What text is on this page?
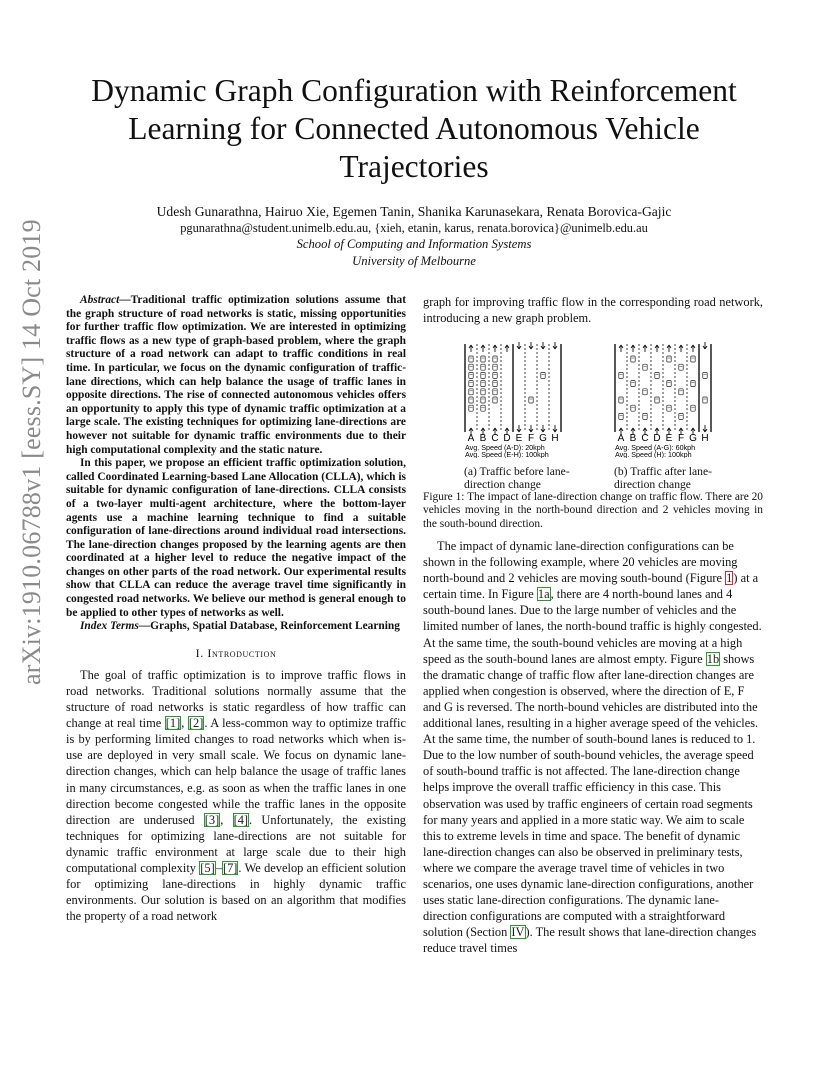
arXiv:1910.06788v1 [eess.SY] 14 Oct 2019
Dynamic Graph Configuration with Reinforcement
Learning for Connected Autonomous Vehicle
Trajectories
Udesh Gunarathna, Hairuo Xie, Egemen Tanin, Shanika Karunasekara, Renata Borovica-Gajic
pgunarathna@student.unimelb.edu.au, {xieh, etanin, karus, renata.borovica}@unimelb.edu.au
School of Computing and Information Systems
University of Melbourne

Abstract—Traditional traffic optimization solutions assume that the graph structure of road networks is static, missing opportunities for further traffic flow optimization. We are interested in optimizing traffic flows as a new type of graph-based problem, where the graph structure of a road network can adapt to traffic conditions in real time. In particular, we focus on the dynamic configuration of traffic-lane directions, which can help balance the usage of traffic lanes in opposite directions. The rise of connected autonomous vehicles offers an opportunity to apply this type of dynamic traffic optimization at a large scale. The existing techniques for optimizing lane-directions are however not suitable for dynamic traffic environments due to their high computational complexity and the static nature.

In this paper, we propose an efficient traffic optimization solution, called Coordinated Learning-based Lane Allocation (CLLA), which is suitable for dynamic configuration of lane-directions. CLLA consists of a two-layer multi-agent architecture, where the bottom-layer agents use a machine learning technique to find a suitable configuration of lane-directions around individual road intersections. The lane-direction changes proposed by the learning agents are then coordinated at a higher level to reduce the negative impact of the changes on other parts of the road network. Our experimental results show that CLLA can reduce the average travel time significantly in congested road networks. We believe our method is general enough to be applied to other types of networks as well.

Index Terms—Graphs, Spatial Database, Reinforcement Learning

I. Introduction

The goal of traffic optimization is to improve traffic flows in road networks. Traditional solutions normally assume that the structure of road networks is static regardless of how traffic can change at real time [1], [2]. A less-common way to optimize traffic is by performing limited changes to road networks which when is-use are deployed in very small scale. We focus on dynamic lane-direction changes, which can help balance the usage of traffic lanes in many circumstances, e.g. as soon as when the traffic lanes in one direction become congested while the traffic lanes in the opposite direction are underused [3], [4]. Unfortunately, the existing techniques for optimizing lane-directions are not suitable for dynamic traffic environment at large scale due to their high computational complexity [5]–[7]. We develop an efficient solution for optimizing lane-directions in highly dynamic traffic environments. Our solution is based on an algorithm that modifies the property of a road network

graph for improving traffic flow in the corresponding road network, introducing a new graph problem.

A B C D E F G H
Avg. Speed (A-D): 20kph
Avg. Speed (E-H): 100kph
A B C D E F G H
Avg. Speed (A-G): 60kph
Avg. Speed (H): 100kph
(a) Traffic before lane-direction change
(b) Traffic after lane-direction change
Figure 1: The impact of lane-direction change on traffic flow. There are 20 vehicles moving in the north-bound direction and 2 vehicles moving in the south-bound direction.

The impact of dynamic lane-direction configurations can be shown in the following example, where 20 vehicles are moving north-bound and 2 vehicles are moving south-bound (Figure 1) at a certain time. In Figure 1a, there are 4 north-bound lanes and 4 south-bound lanes. Due to the large number of vehicles and the limited number of lanes, the north-bound traffic is highly congested. At the same time, the south-bound vehicles are moving at a high speed as the south-bound lanes are almost empty. Figure 1b shows the dramatic change of traffic flow after lane-direction changes are applied when congestion is observed, where the direction of E, F and G is reversed. The north-bound vehicles are distributed into the additional lanes, resulting in a higher average speed of the vehicles. At the same time, the number of south-bound lanes is reduced to 1. Due to the low number of south-bound vehicles, the average speed of south-bound traffic is not affected. The lane-direction change helps improve the overall traffic efficiency in this case. This observation was used by traffic engineers of certain road segments for many years and applied in a more static way. We aim to scale this to extreme levels in time and space. The benefit of dynamic lane-direction changes can also be observed in preliminary tests, where we compare the average travel time of vehicles in two scenarios, one uses dynamic lane-direction configurations, another uses static lane-direction configurations. The dynamic lane-direction configurations are computed with a straightforward solution (Section IV). The result shows that lane-direction changes reduce travel times
